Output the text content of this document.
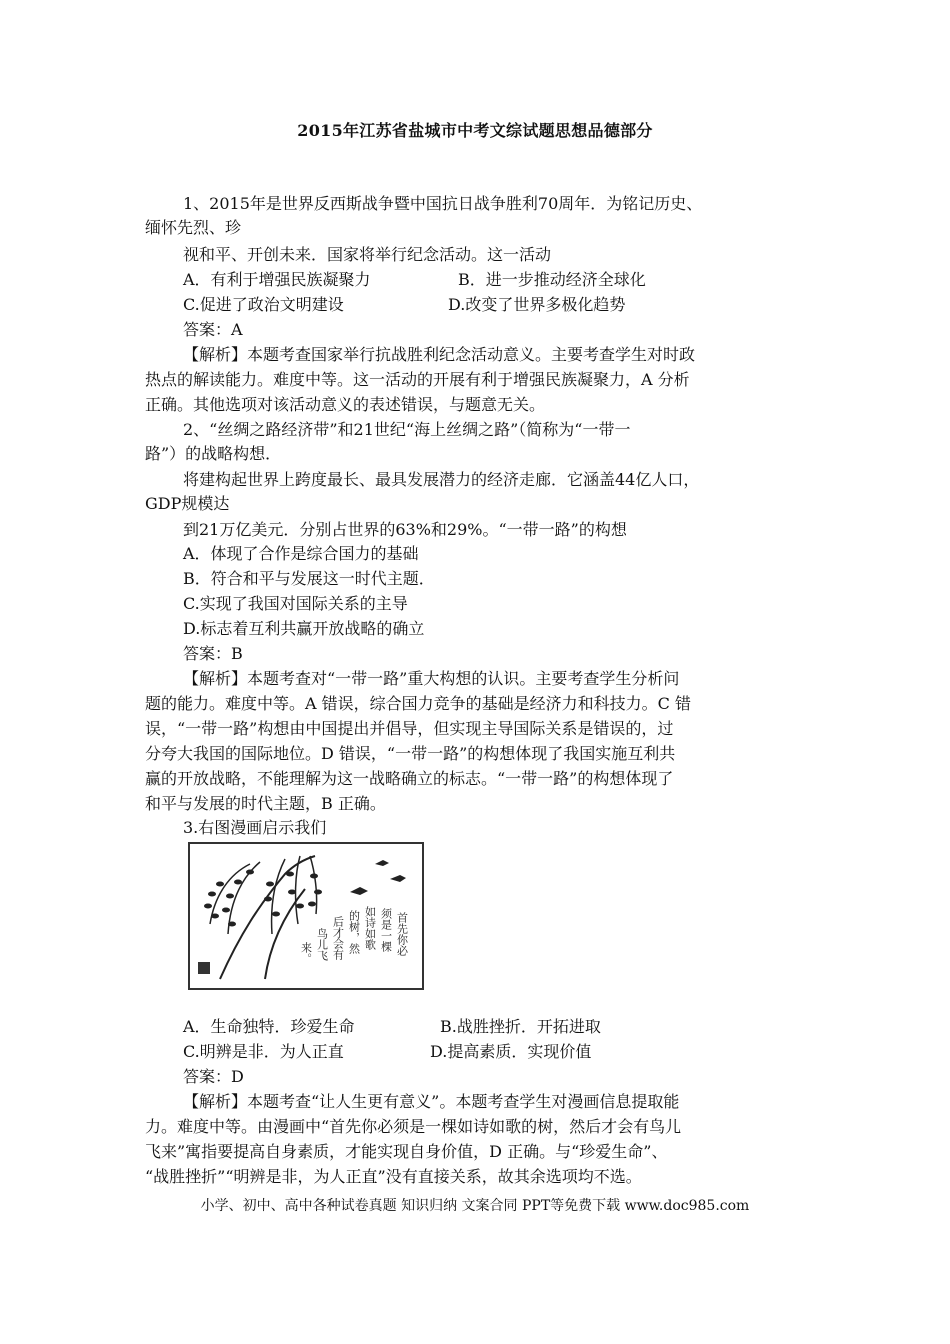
2015年江苏省盐城市中考文综试题思想品德部分
1、2015年是世界反西斯战争暨中国抗日战争胜利70周年．为铭记历史、
缅怀先烈、珍
视和平、开创未来．国家将举行纪念活动。这一活动
A．有利于增强民族凝聚力	B．进一步推动经济全球化
C.促进了政治文明建设	D.改变了世界多极化趋势
答案：A
【解析】本题考查国家举行抗战胜利纪念活动意义。主要考查学生对时政
热点的解读能力。难度中等。这一活动的开展有利于增强民族凝聚力，A 分析
正确。其他选项对该活动意义的表述错误，与题意无关。
2、“丝绸之路经济带”和21世纪“海上丝绸之路”（简称为“一带一
路”）的战略构想．
将建构起世界上跨度最长、最具发展潜力的经济走廊．它涵盖44亿人口，
GDP规模达
到21万亿美元．分别占世界的63%和29%。“一带一路”的构想
A．体现了合作是综合国力的基础
B．符合和平与发展这一时代主题．
C.实现了我国对国际关系的主导
D.标志着互利共赢开放战略的确立
答案：B
【解析】本题考查对“一带一路”重大构想的认识。主要考查学生分析问
题的能力。难度中等。A 错误，综合国力竞争的基础是经济力和科技力。C 错
误，“一带一路”构想由中国提出并倡导，但实现主导国际关系是错误的，过
分夸大我国的国际地位。D 错误，“一带一路”的构想体现了我国实施互利共
赢的开放战略，不能理解为这一战略确立的标志。“一带一路”的构想体现了
和平与发展的时代主题，B 正确。
3.右图漫画启示我们
首先你必
须是一棵
如诗如歌
的树，然
后才会有
鸟儿飞
来。
A．生命独特．珍爱生命	B.战胜挫折．开拓进取
C.明辨是非．为人正直	D.提高素质．实现价值
答案：D
【解析】本题考查“让人生更有意义”。本题考查学生对漫画信息提取能
力。难度中等。由漫画中“首先你必须是一棵如诗如歌的树，然后才会有鸟儿
飞来”寓指要提高自身素质，才能实现自身价值，D 正确。与“珍爱生命”、
“战胜挫折”“明辨是非，为人正直”没有直接关系，故其余选项均不选。
小学、初中、高中各种试卷真题 知识归纳 文案合同 PPT等免费下载 www.doc985.com
